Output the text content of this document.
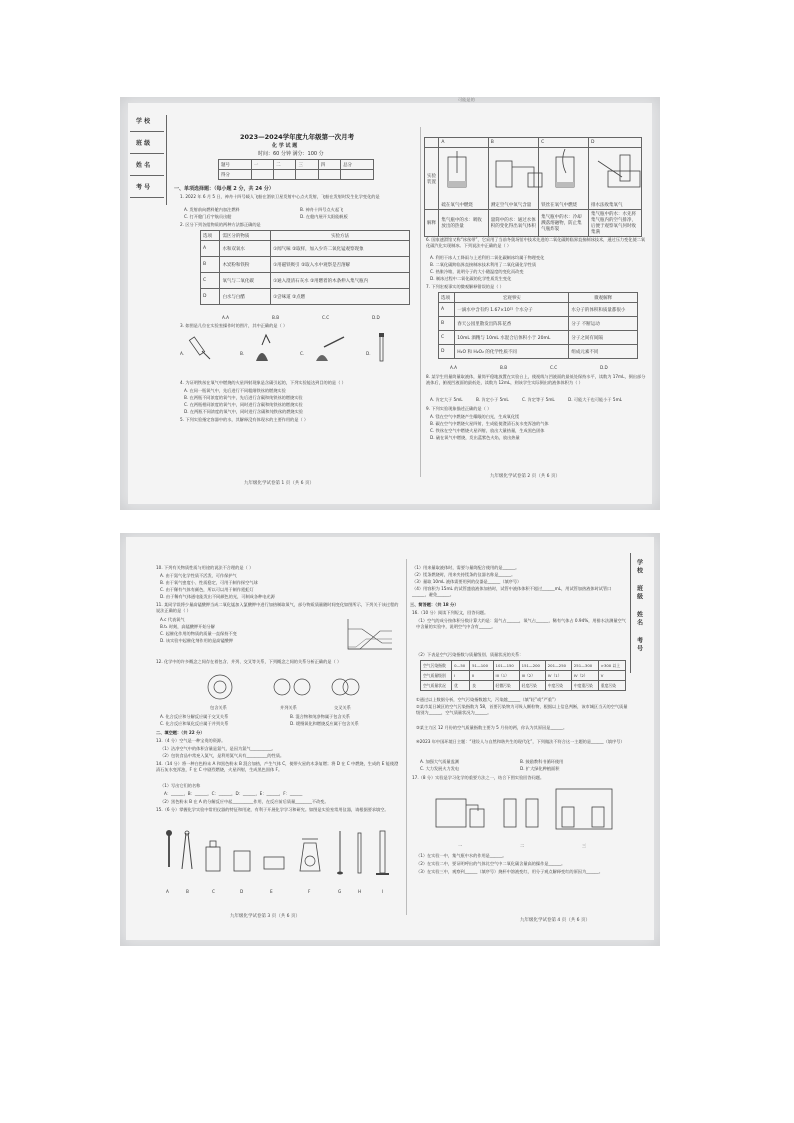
可能是的
学 校
班 级
姓 名
考 号
2023—2024学年度九年级第一次月考
化 学 试 题
时间：60 分钟 满分：100 分
题号	一	二	三	四	总分
得分					
一、单项选择题：（每小题 2 分，共 24 分）
1. 2022 年 6 月 5 日，神舟十四号载人飞船在酒泉卫星发射中心点火发射，飞船在发射时发生化学变化的是
A. 发射前向燃料舱内加注燃料	B. 神舟十四号点火起飞
C. 打开舱门后宇航员出舱	D. 在舱内展开太阳能帆板
2. 区分下列各组物质的两种方法都正确的是
选项	需区分的物质	实验方法
A	水和双氧水	①闻气味 ②取样，加入少许二氧化锰观察现象
B	木炭粉和铁粉	①用磁铁吸引 ②取入水中观察是否溶解
C	氧气与二氧化碳	①通入澄清石灰水 ②用燃着的木条伸入集气瓶内
D	白水与白醋	①尝味道 ②点燃
A.A	B.B	C.C	D.D
3. 如图是几位在实验室操作时的图片，其中正确的是（ ）
A.	B.	C.	D.
4. 为证明铁丝在氧气中燃烧的火星四射现象是含碳引起的，下列实验能达到目的的是（ ）
A. 在同一瓶氧气中，先后进行不同粗细铁丝的燃烧实验
B. 在两瓶不同浓度的氧气中，先后进行含碳和纯铁丝的燃烧实验
C. 在两瓶相同浓度的氧气中，同时进行含碳和纯铁丝的燃烧实验
D. 在两瓶不同浓度的氧气中，同时进行含碳和纯铁丝的燃烧实验
5. 下列实验指定容器中的水，其解释没有体现水的主要作用的是（ ）
九年级化学试卷第 1 页（共 6 页）
	A	B	C	D
实验装置	硫在氧气中燃烧	测定空气中氧气含量	铁丝在氧气中燃烧	排水法收集氧气
解释	集气瓶中的水：吸收放出的热量	量筒中的水：通过水体积的变化得出氧气体积	集气瓶中的水：冷却溅落熔融物，防止集气瓶炸裂	集气瓶中的水：水先将集气瓶内的空气排净，后便于观察氧气何时收集满
6. 国家速滑馆又称“冰丝带”，它采用了当前冬奥场馆中技术先进的二氧化碳跨临界直接制冰技术，通过压力变化使二氧化碳汽化实现制冰。下列说法中正确的是（ ）
A. 利用干冰人工降雨与上述利用二氧化碳制冰均属于物理变化
B. 二氧化碳跨临界直接制冰技术利用了二氧化碳化学性质
C. 热胀冷缩，说明分子的大小随温度的变化而改变
D. 制冰过程中二氧化碳的化学性质发生变化
7. 下列宏观事实的微观解释错误的是（ ）
选项	宏观事实	微观解释
A	一滴水中含有约 1.67×10²¹ 个水分子	水分子的体积和质量都很小
B	春天公园里散发出阵阵花香	分子 不断运动
C	10mL 酒精与 10mL 水混合后体积小于 20mL	分子之间有间隔
D	H₂O 和 H₂O₂ 的化学性质不同	组成元素不同
A.A	B.B	C.C	D.D
8. 某学生用量筒量取液体，量筒平稳地放置在实验台上，使视线与凹液面的最低处保持水平，读数为 17mL，倒出部分液体后，俯视凹液面的最低处，读数为 12mL，则该学生实际倒出的液体体积为（ ）
A. 肯定大于 5mL	B. 肯定小于 5mL	C. 肯定等于 5mL	D. 可能大于也可能小于 5mL
9. 下列实验现象描述正确的是（ ）
A. 镁在空气中燃烧产生耀眼的白光，生成氧化镁
B. 碳在空气中燃烧火星四射，生成能使澄清石灰水变浑浊的气体
C. 铁丝在空气中燃烧火星四射，放出大量热量，生成黑色固体
D. 硫在氧气中燃烧，发出蓝紫色火焰，放出热量
九年级化学试卷第 2 页（共 6 页）
10. 下列有关物质性质与用途的说法不合理的是（ ）
A. 由于氮气化学性质不活泼，可作保护气
B. 由于氧气密度小、性质稳定，可用于制作探空气球
C. 由于稀有气体有颜色，所以可以用于制作霓虹灯
D. 由于稀有气体通电能发出不同颜色的光，可制成各种电光源
11. 某同学误将少量高锰酸钾当成二氧化锰加入氯酸钾中进行加热制取氧气，部分物质质量随时间变化如图所示，下列关于该过程的说法正确的是（ ）
A.c 代表氧气
B.t₁ 时刻，高锰酸钾开始分解
C. 起催化作用的物质的质量一直保持不变
D. 该实验中起催化剂作用的是高锰酸钾
12. 化学中的许多概念之间存在着包含、并列、交叉等关系，下列概念之间的关系分析正确的是（ ）
包含关系	并列关系	交叉关系
A. 化合反应和分解反应属于交叉关系	B. 混合物和纯净物属于包含关系
C. 化合反应和氧化反应属于并列关系	D. 缓慢氧化和燃烧反应属于包含关系
二、填空题：（共 22 分）
13.（4 分）空气是一种宝贵的资源。
（1）洁净空气中的体积含量是氮气，是因为氮气__________。
（2）包装食品中常充入氮气，是利用氮气具有__________的性质。
14.（14 分）将一种白色粉末 A 和黑色粉末 B 混合加热，产生气体 C，使带火星的木条复燃；将 D 在 C 中燃烧，生成的 E 能使澄清石灰水变浑浊，F 在 C 中剧烈燃烧，火星四射，生成黑色固体 F。
（1）写出它们的名称
A：______，B：______，C：______，D：______，E：______，F：______
（2）黑色粉末 B 在 A 的分解反应中起__________作用，在反应前后质量________不改变。
15.（6 分）掌握化学实验中常用仪器的特征和用途，有利于开展化学学习和研究。如图是实验室常用仪器，请根据要求填空。
A	B	C	D	E	F	G	H	I
九年级化学试卷第 3 页（共 6 页）
（1）用来量取液体时，需要与量筒配合使用的是______。
（2）镁条燃烧时，用来夹持镁条的仪器名称是______。
（3）量取 10mL 液体需要用到的仪器是______（填序号）
（4）用容积为 15mL 的试管盛放液体加热时，试管中液体体积不超过______mL，用试管加热液体时试管口______，避免______。
三、简答题：（共 18 分）
16.（10 分）阅读下列短文，回答问题。
（1）空气的成分按体积分数计算大约是：氮气占______，氧气占______，稀有气体占 0.94%，用排水法测量空气中含量的实验中，说明空气中含有______。
（2）下表是空气污染指数与质量级别、质量状况的关系：
空气污染指数	0—50	51—100	101—150	151—200	201—250	251—300	>300 以上
空气质量级别	I	II	III（1）	III（2）	IV（1）	IV（2）	V
空气质量状况	优	良	轻微污染	轻度污染	中度污染	中度重污染	重度污染
①通过以上数据分析，空气污染指数越大，污染越______（填“轻”或“严重”）
②某市某日城区的空气污染指数为 58，首要污染物为可吸入颗粒物，根据以上信息判断，该市城区当天的空气质量级别为______，空气质量状况为______。
③某主力区 12 月份的空气质量指数主要为 5 月份的两，你认为其原因是______。
④2023 年中国环境日主题：“建设人与自然和谐共生的现代化”，下列做法不符合这一主题的是______（填序号）
A. 加强大气质量监测	B. 鼓励教科书循环使用
C. 大力发展火力发电	D. 扩大绿化种植面积
17.（8 分）实验是学习化学的重要方法之一，结合下图实验回答问题。
一	二	三
（1）在实验一中，集气瓶中水的作用是______。
（2）在实验二中，要证明呼出的气体比空气中二氧化碳含量高的操作是______。
（3）在实验三中，观察到______（填序号）烧杯中溶液变红，用分子观点解释变红的原因为______。
九年级化学试卷第 4 页（共 6 页）
学 校
班 级
姓 名
考 号
